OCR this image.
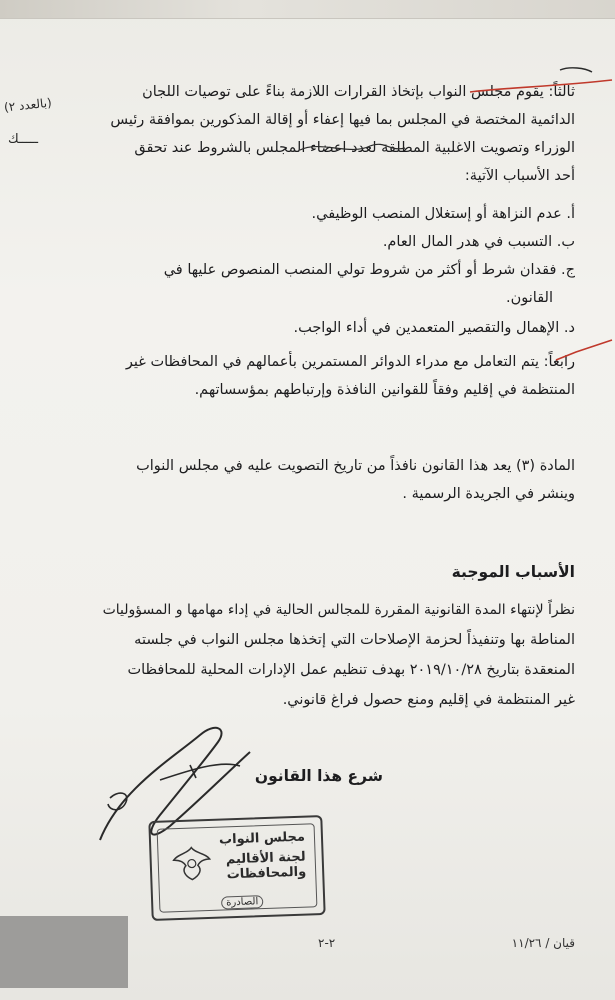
ثالثاً: يقوم مجلس النواب بإتخاذ القرارات اللازمة بناءً على توصيات اللجان
الدائمية المختصة في المجلس بما فيها إعفاء أو إقالة المذكورين بموافقة رئيس
الوزراء وتصويت الاغلبية المطلقة لعدد اعضاء المجلس بالشروط عند تحقق
أحد الأسباب الآتية:
أ. عدم النزاهة أو إستغلال المنصب الوظيفي.
ب. التسبب في هدر المال العام.
ج. فقدان شرط أو أكثر من شروط تولي المنصب المنصوص عليها في
القانون.
د. الإهمال والتقصير المتعمدين في أداء الواجب.
رابعاً: يتم التعامل مع مدراء الدوائر المستمرين بأعمالهم في المحافظات غير
المنتظمة في إقليم وفقاً للقوانين النافذة وإرتباطهم بمؤسساتهم.
المادة (٣) يعد هذا القانون نافذاً من تاريخ التصويت عليه في مجلس النواب
وينشر في الجريدة الرسمية .
الأسباب الموجبة
نظراً لإنتهاء المدة القانونية المقررة للمجالس الحالية في إداء مهامها و المسؤوليات
المناطة بها وتنفيذاً لحزمة الإصلاحات التي إتخذها مجلس النواب في جلسته
المنعقدة بتاريخ ٢٠١٩/١٠/٢٨ بهدف تنظيم عمل الإدارات المحلية للمحافظات
غير المنتظمة في إقليم ومنع حصول فراغ قانوني.
شرع هذا القانون
(بالعدد ٢)
ـــــك
مجلس النواب
لجنة الأقاليم والمحافظات
الصادرة
٢-٢	قيان / ١١/٢٦
